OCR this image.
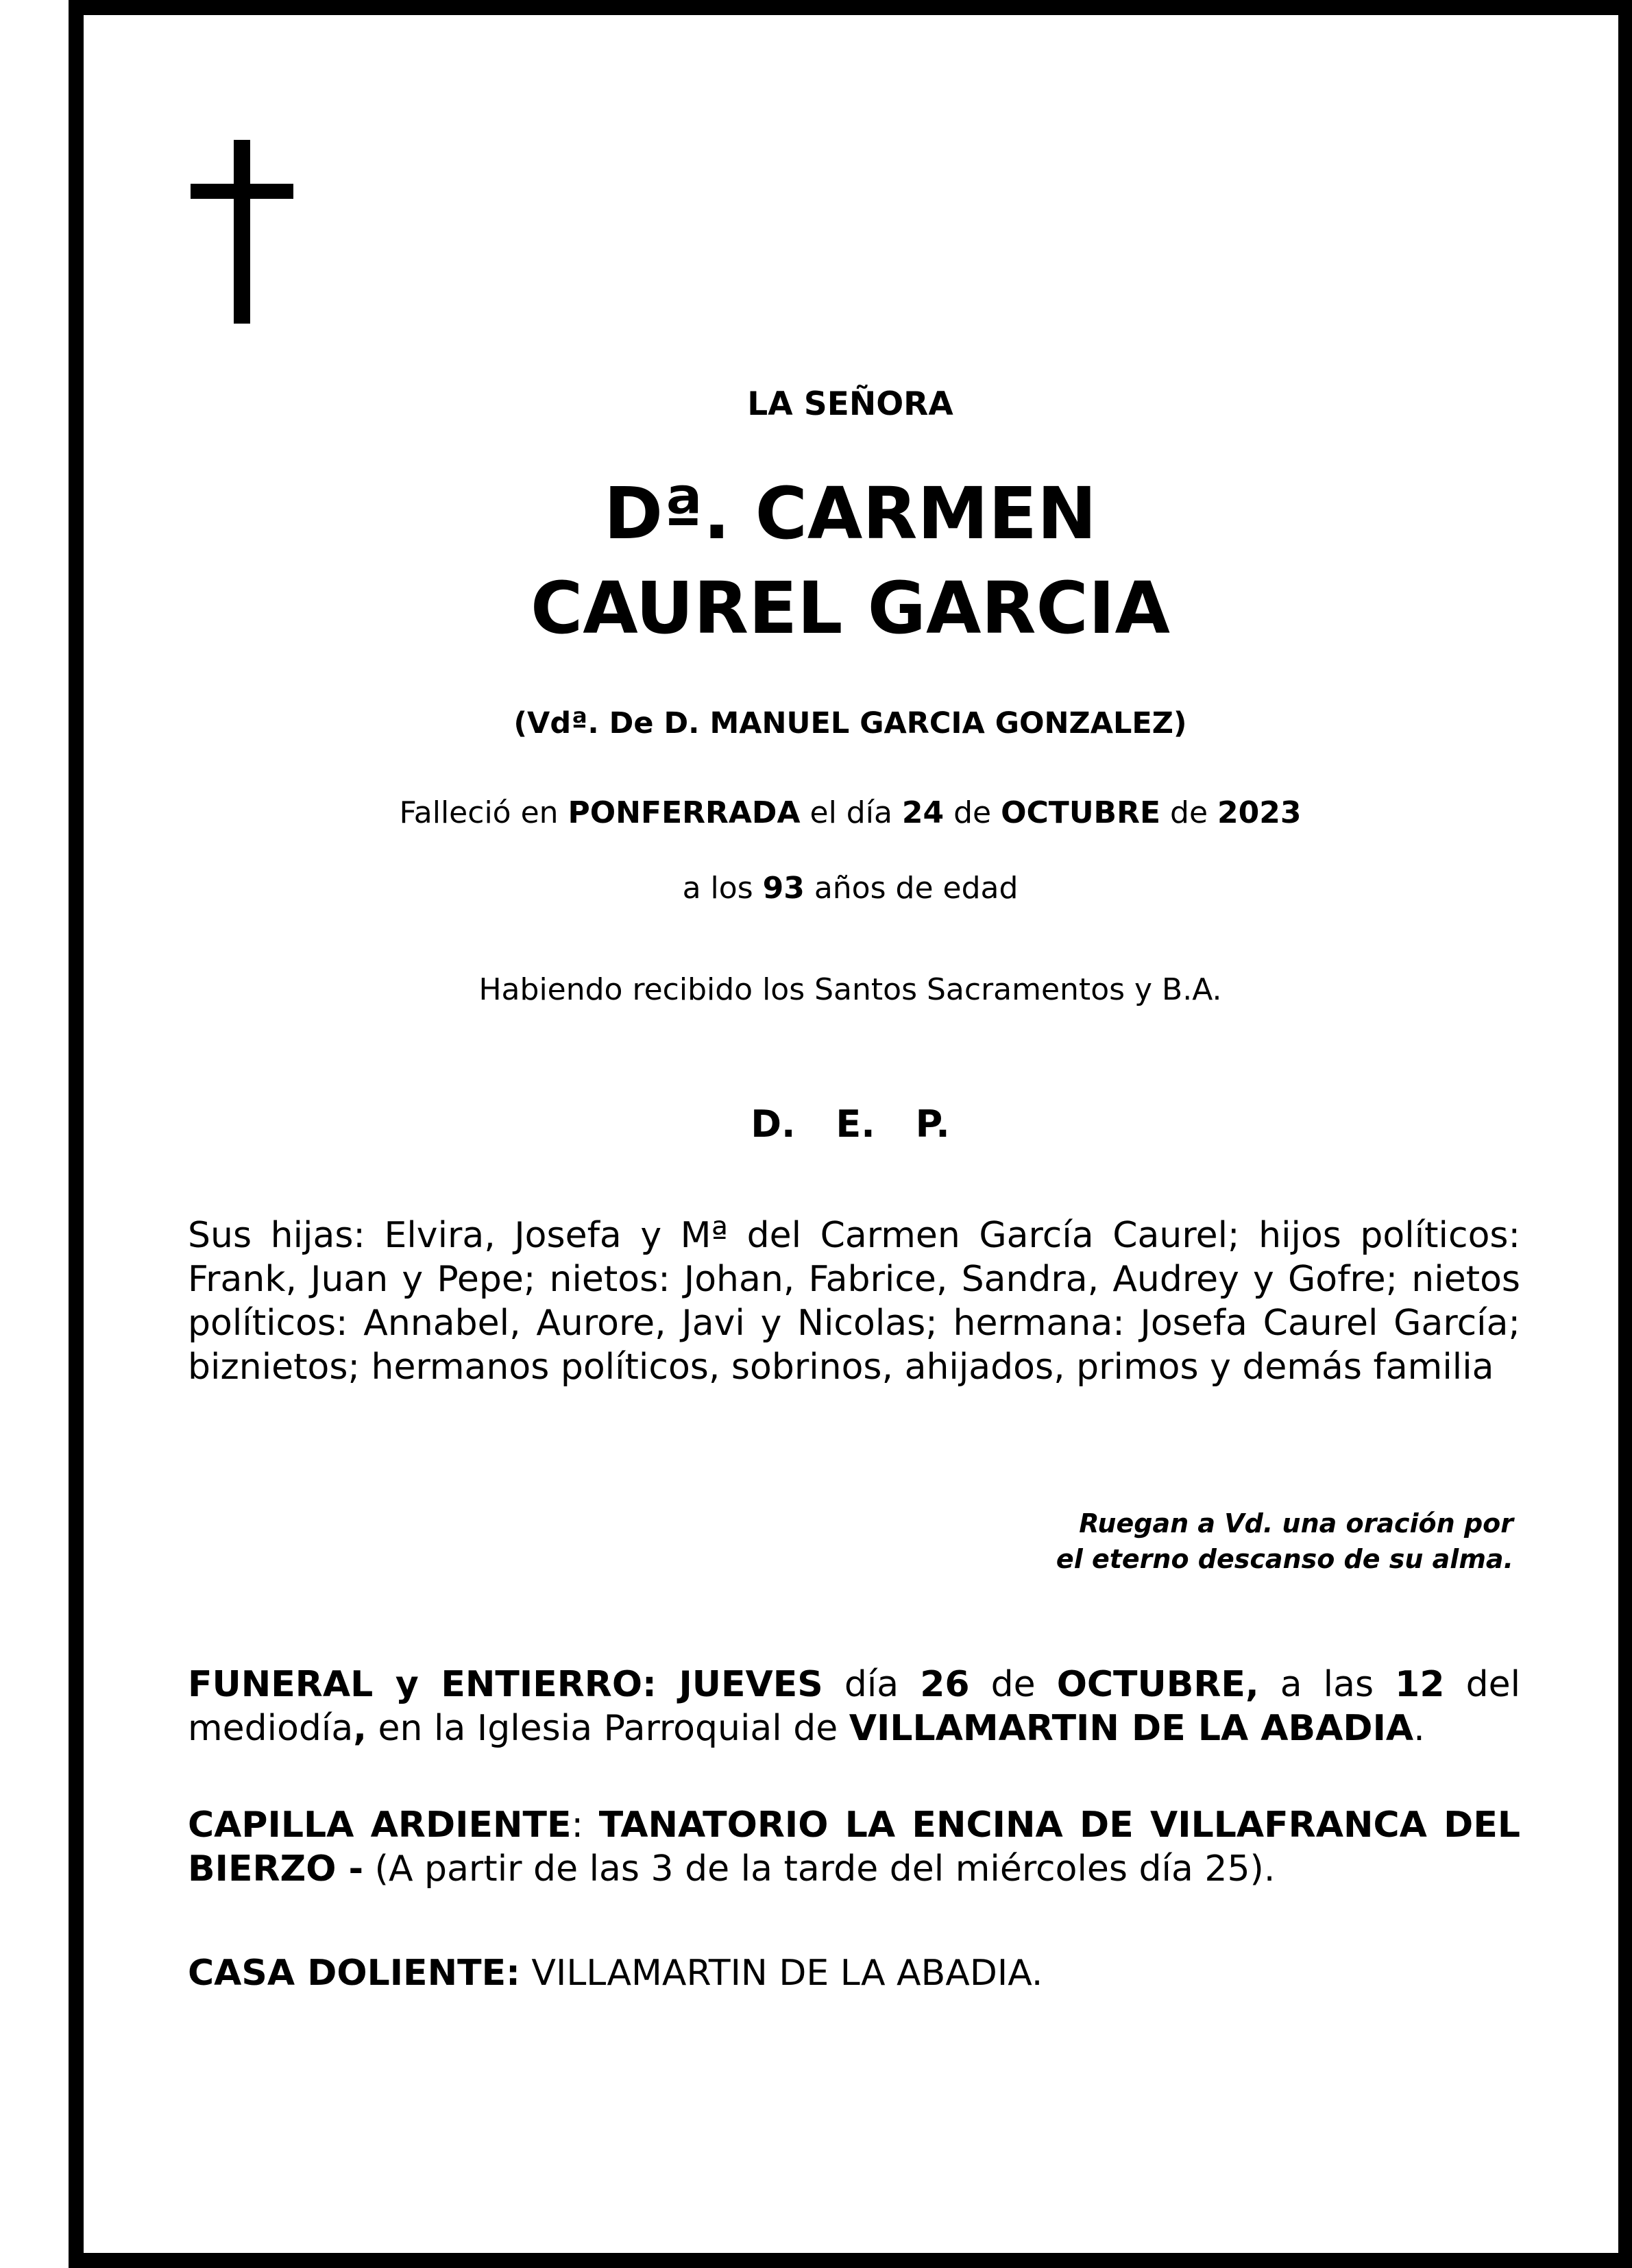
LA SEÑORA
Dª. CARMEN
CAUREL GARCIA
(Vdª. De D. MANUEL GARCIA GONZALEZ)
Falleció en PONFERRADA el día 24 de OCTUBRE de 2023
a los 93 años de edad
Habiendo recibido los Santos Sacramentos y B.A.
D. E. P.
Sus hijas: Elvira, Josefa y Mª del Carmen García Caurel; hijos políticos: Frank, Juan y Pepe; nietos: Johan, Fabrice, Sandra, Audrey y Gofre; nietos políticos: Annabel, Aurore, Javi y Nicolas; hermana: Josefa Caurel García; biznietos; hermanos políticos, sobrinos, ahijados, primos y demás familia
Ruegan a Vd. una oración por
el eterno descanso de su alma.
FUNERAL y ENTIERRO: JUEVES día 26 de OCTUBRE, a las 12 del mediodía, en la Iglesia Parroquial de VILLAMARTIN DE LA ABADIA.
CAPILLA ARDIENTE: TANATORIO LA ENCINA DE VILLAFRANCA DEL BIERZO - (A partir de las 3 de la tarde del miércoles día 25).
CASA DOLIENTE: VILLAMARTIN DE LA ABADIA.
